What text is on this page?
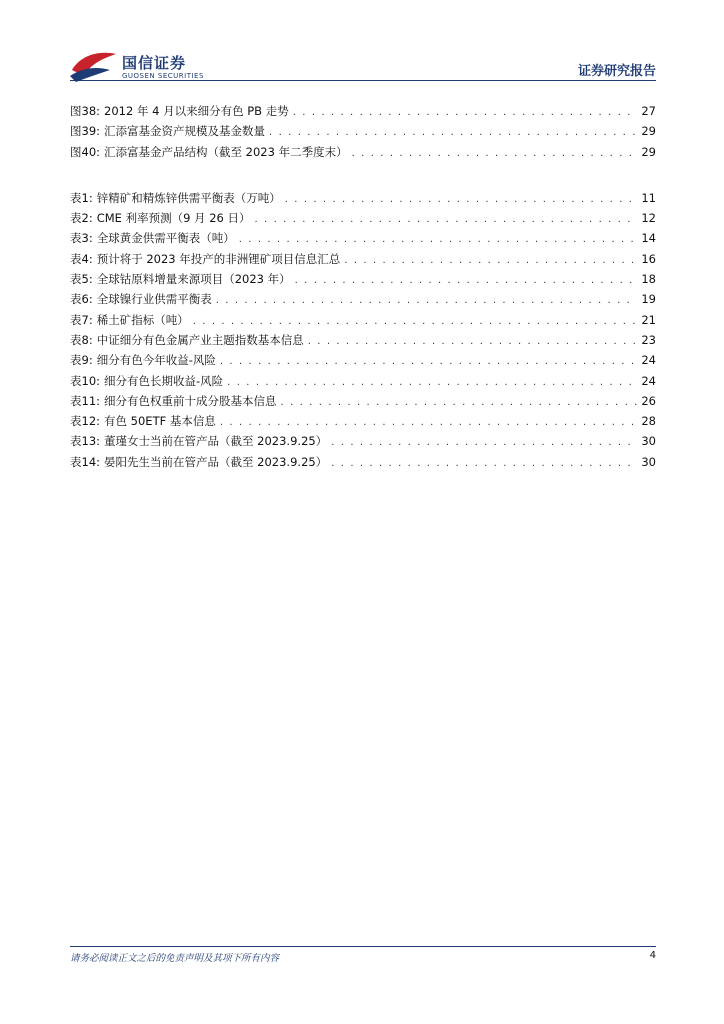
国信证券
GUOSEN SECURITIES	证券研究报告
图38: 2012 年 4 月以来细分有色 PB 走势 . . .	27
图39: 汇添富基金资产规模及基金数量 . . .	29
图40: 汇添富基金产品结构（截至 2023 年二季度末） . . .	29
表1: 锌精矿和精炼锌供需平衡表（万吨） . . .	11
表2: CME 利率预测（9 月 26 日） . . .	12
表3: 全球黄金供需平衡表（吨） . . .	14
表4: 预计将于 2023 年投产的非洲锂矿项目信息汇总 . . .	16
表5: 全球钴原料增量来源项目（2023 年） . . .	18
表6: 全球镍行业供需平衡表 . . .	19
表7: 稀土矿指标（吨） . . .	21
表8: 中证细分有色金属产业主题指数基本信息 . . .	23
表9: 细分有色今年收益-风险 . . .	24
表10: 细分有色长期收益-风险 . . .	24
表11: 细分有色权重前十成分股基本信息 . . .	26
表12: 有色 50ETF 基本信息 . . .	28
表13: 董瑾女士当前在管产品（截至 2023.9.25） . . .	30
表14: 晏阳先生当前在管产品（截至 2023.9.25） . . .	30
请务必阅读正文之后的免责声明及其项下所有内容	4
